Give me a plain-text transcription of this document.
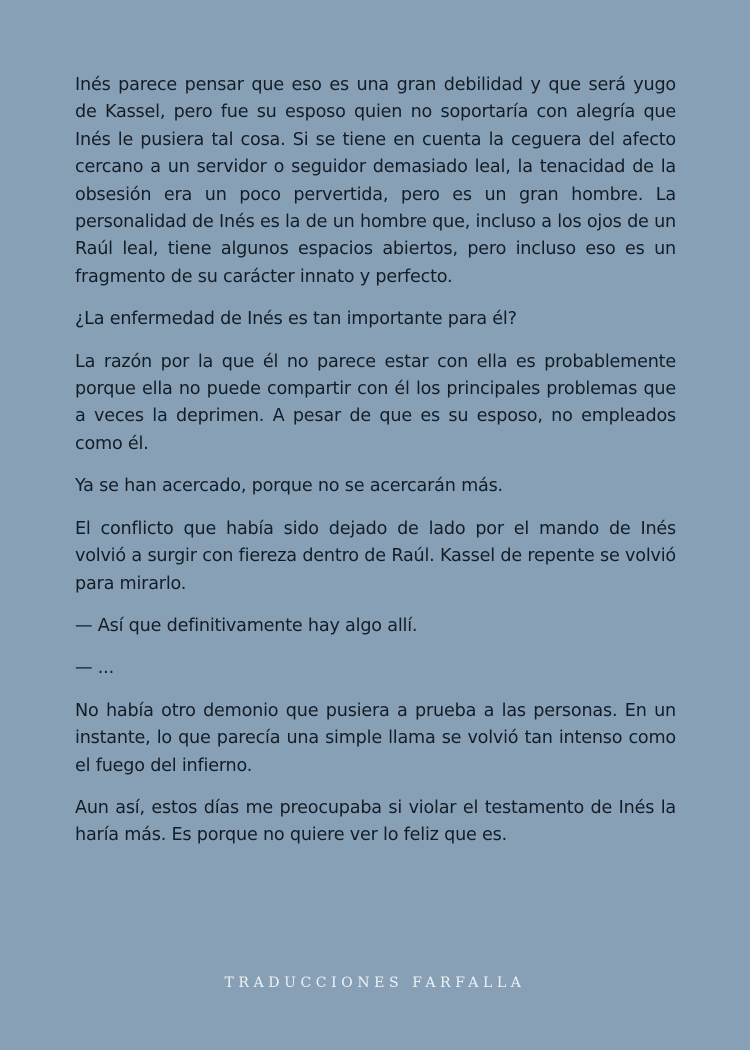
Inés parece pensar que eso es una gran debilidad y que será yugo de Kassel, pero fue su esposo quien no soportaría con alegría que Inés le pusiera tal cosa. Si se tiene en cuenta la ceguera del afecto cercano a un servidor o seguidor demasiado leal, la tenacidad de la obsesión era un poco pervertida, pero es un gran hombre. La personalidad de Inés es la de un hombre que, incluso a los ojos de un Raúl leal, tiene algunos espacios abiertos, pero incluso eso es un fragmento de su carácter innato y perfecto.

¿La enfermedad de Inés es tan importante para él?

La razón por la que él no parece estar con ella es probablemente porque ella no puede compartir con él los principales problemas que a veces la deprimen. A pesar de que es su esposo, no empleados como él.

Ya se han acercado, porque no se acercarán más.

El conflicto que había sido dejado de lado por el mando de Inés volvió a surgir con fiereza dentro de Raúl. Kassel de repente se volvió para mirarlo.

— Así que definitivamente hay algo allí.

— ...

No había otro demonio que pusiera a prueba a las personas. En un instante, lo que parecía una simple llama se volvió tan intenso como el fuego del infierno.

Aun así, estos días me preocupaba si violar el testamento de Inés la haría más. Es porque no quiere ver lo feliz que es.

TRADUCCIONES FARFALLA
